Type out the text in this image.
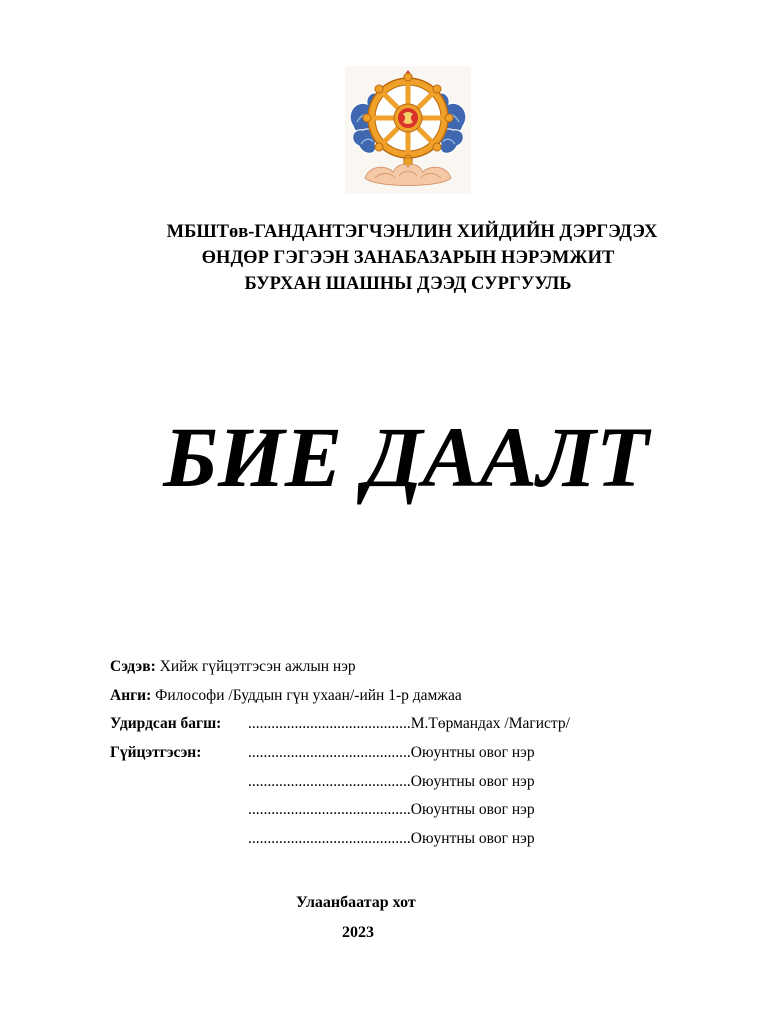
МБШТөв-ГАНДАНТЭГЧЭНЛИН ХИЙДИЙН ДЭРГЭДЭХ
ӨНДӨР ГЭГЭЭН ЗАНАБАЗАРЫН НЭРЭМЖИТ
БУРХАН ШАШНЫ ДЭЭД СУРГУУЛЬ
БИЕ ДААЛТ
Сэдэв: Хийж гүйцэтгэсэн ажлын нэр
Анги: Философи /Буддын гүн ухаан/-ийн 1-р дамжаа
Удирдсан багш: ..........................................М.Төрмандах /Магистр/
Гүйцэтгэсэн:	..........................................Оюунтны овог нэр
..........................................Оюунтны овог нэр
..........................................Оюунтны овог нэр
..........................................Оюунтны овог нэр
Улаанбаатар хот
2023
